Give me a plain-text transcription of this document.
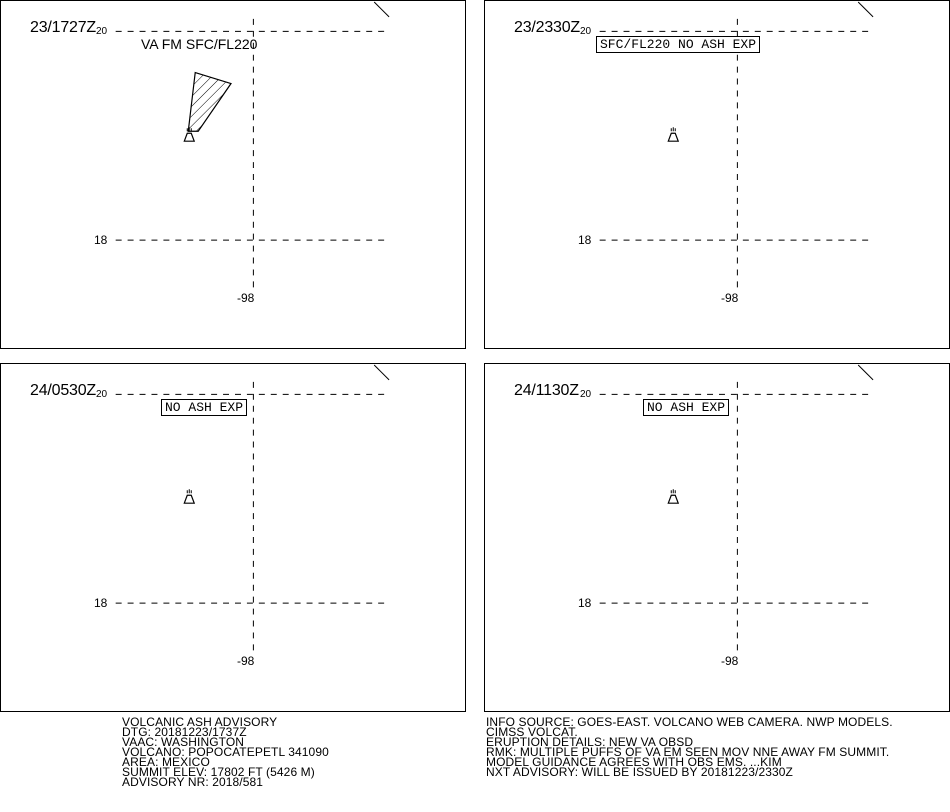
23/1727Z 20
18
-98
VA FM SFC/FL220
23/2330Z 20
18
-98
SFC/FL220 NO ASH EXP
24/0530Z 20
18
-98
NO ASH EXP
24/1130Z 20
18
-98
NO ASH EXP
VOLCANIC ASH ADVISORY
DTG: 20181223/1737Z
VAAC: WASHINGTON
VOLCANO: POPOCATEPETL 341090
AREA: MEXICO
SUMMIT ELEV: 17802 FT (5426 M)
ADVISORY NR: 2018/581
INFO SOURCE: GOES-EAST. VOLCANO WEB CAMERA. NWP MODELS.
CIMSS VOLCAT.
ERUPTION DETAILS: NEW VA OBSD
RMK: MULTIPLE PUFFS OF VA EM SEEN MOV NNE AWAY FM SUMMIT.
MODEL GUIDANCE AGREES WITH OBS EMS. ...KIM
NXT ADVISORY: WILL BE ISSUED BY 20181223/2330Z
